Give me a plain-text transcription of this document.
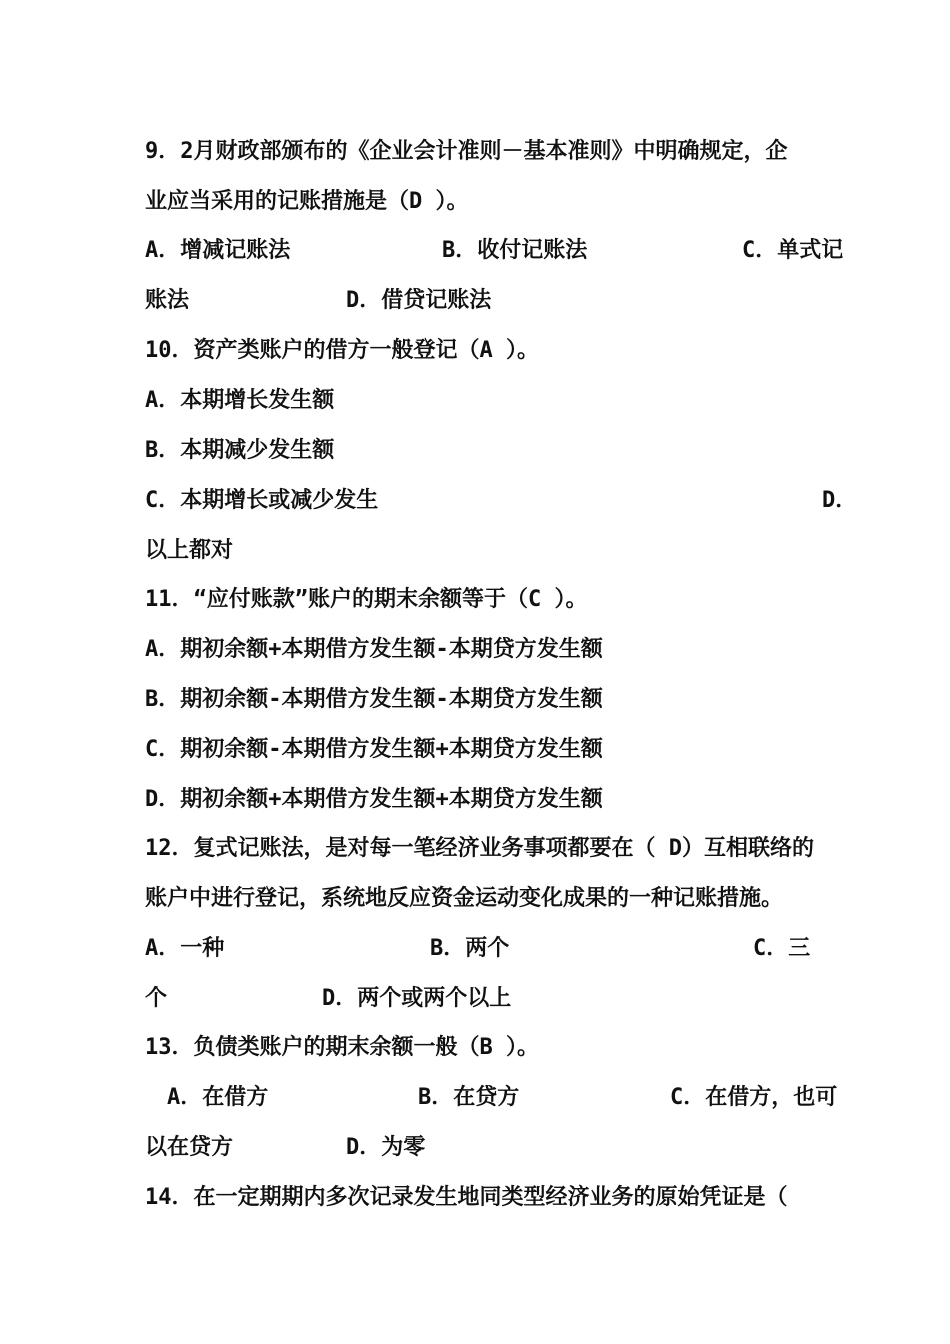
9．2月财政部颁布的《企业会计准则－基本准则》中明确规定，企
业应当采用的记账措施是（D ）。
A．增减记账法	B．收付记账法	C．单式记
账法	D．借贷记账法
10．资产类账户的借方一般登记（A ）。
A．本期增长发生额
B．本期减少发生额
C．本期增长或减少发生	D．
以上都对
11．“应付账款”账户的期末余额等于（C ）。
A．期初余额+本期借方发生额-本期贷方发生额
B．期初余额-本期借方发生额-本期贷方发生额
C．期初余额-本期借方发生额+本期贷方发生额
D．期初余额+本期借方发生额+本期贷方发生额
12．复式记账法，是对每一笔经济业务事项都要在（ D）互相联络的
账户中进行登记，系统地反应资金运动变化成果的一种记账措施。
A．一种	B．两个	C．三
个	D．两个或两个以上
13．负债类账户的期末余额一般（B ）。
A．在借方	B．在贷方	C．在借方，也可
以在贷方	D．为零
14．在一定期期内多次记录发生地同类型经济业务的原始凭证是（
